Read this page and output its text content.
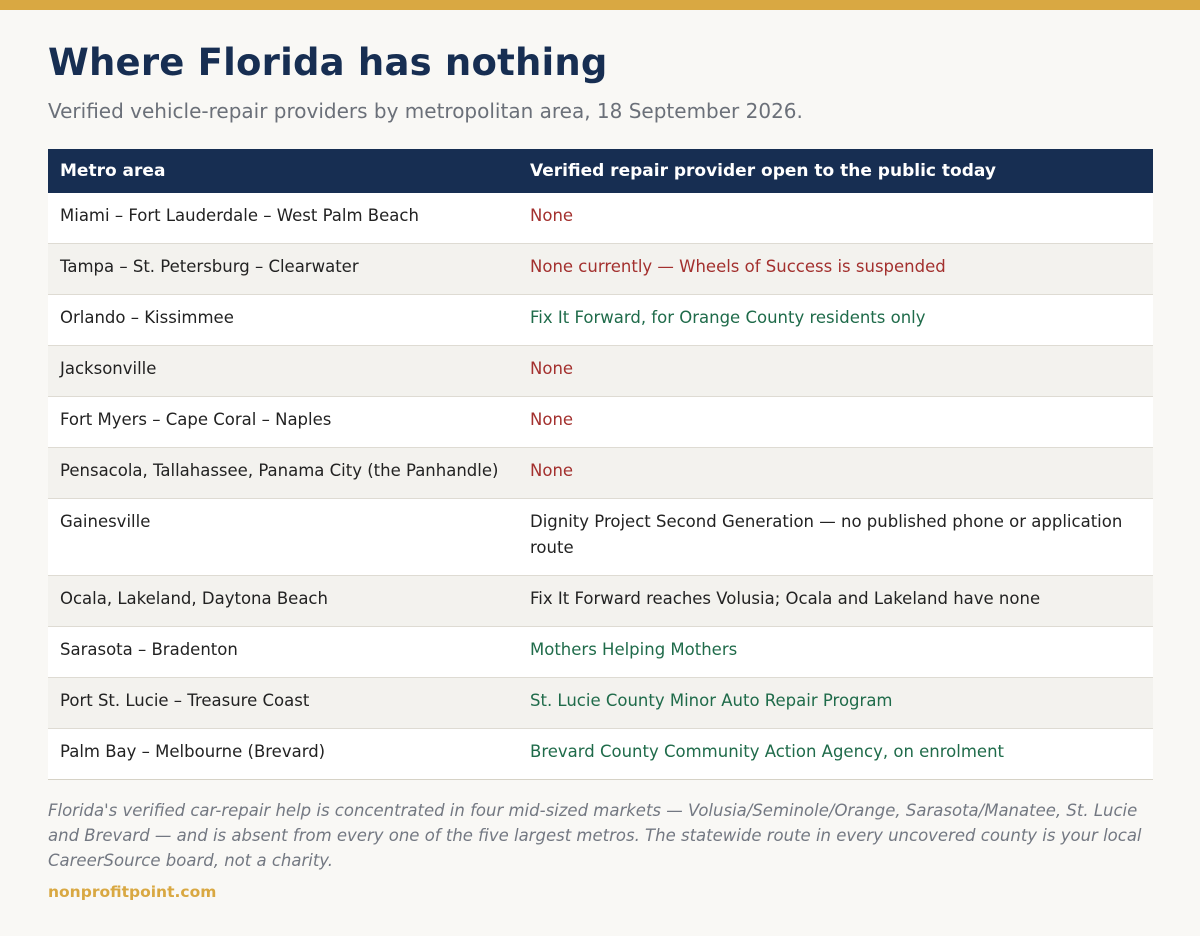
Where Florida has nothing
Verified vehicle-repair providers by metropolitan area, 18 September 2026.
Metro area	Verified repair provider open to the public today
Miami – Fort Lauderdale – West Palm Beach	None
Tampa – St. Petersburg – Clearwater	None currently — Wheels of Success is suspended
Orlando – Kissimmee	Fix It Forward, for Orange County residents only
Jacksonville	None
Fort Myers – Cape Coral – Naples	None
Pensacola, Tallahassee, Panama City (the Panhandle)	None
Gainesville	Dignity Project Second Generation — no published phone or application route
Ocala, Lakeland, Daytona Beach	Fix It Forward reaches Volusia; Ocala and Lakeland have none
Sarasota – Bradenton	Mothers Helping Mothers
Port St. Lucie – Treasure Coast	St. Lucie County Minor Auto Repair Program
Palm Bay – Melbourne (Brevard)	Brevard County Community Action Agency, on enrolment
Florida's verified car-repair help is concentrated in four mid-sized markets — Volusia/Seminole/Orange, Sarasota/Manatee, St. Lucie and Brevard — and is absent from every one of the five largest metros. The statewide route in every uncovered county is your local CareerSource board, not a charity.
nonprofitpoint.com
